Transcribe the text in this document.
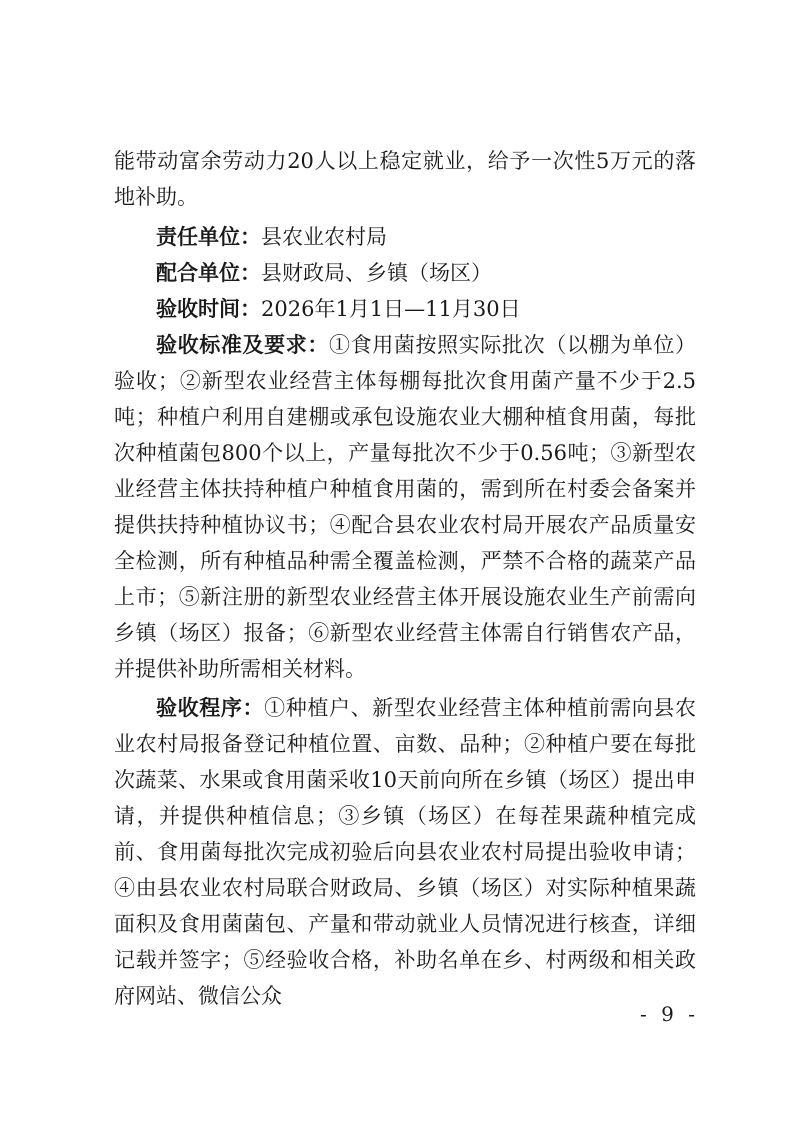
能带动富余劳动力20人以上稳定就业，给予一次性5万元的落地补助。

责任单位：县农业农村局

配合单位：县财政局、乡镇（场区）

验收时间：2026年1月1日—11月30日

验收标准及要求：①食用菌按照实际批次（以棚为单位）验收；②新型农业经营主体每棚每批次食用菌产量不少于2.5吨；种植户利用自建棚或承包设施农业大棚种植食用菌，每批次种植菌包800个以上，产量每批次不少于0.56吨；③新型农业经营主体扶持种植户种植食用菌的，需到所在村委会备案并提供扶持种植协议书；④配合县农业农村局开展农产品质量安全检测，所有种植品种需全覆盖检测，严禁不合格的蔬菜产品上市；⑤新注册的新型农业经营主体开展设施农业生产前需向乡镇（场区）报备；⑥新型农业经营主体需自行销售农产品，并提供补助所需相关材料。

验收程序：①种植户、新型农业经营主体种植前需向县农业农村局报备登记种植位置、亩数、品种；②种植户要在每批次蔬菜、水果或食用菌采收10天前向所在乡镇（场区）提出申请，并提供种植信息；③乡镇（场区）在每茬果蔬种植完成前、食用菌每批次完成初验后向县农业农村局提出验收申请；④由县农业农村局联合财政局、乡镇（场区）对实际种植果蔬面积及食用菌菌包、产量和带动就业人员情况进行核查，详细记载并签字；⑤经验收合格，补助名单在乡、村两级和相关政府网站、微信公众

- 9 -
